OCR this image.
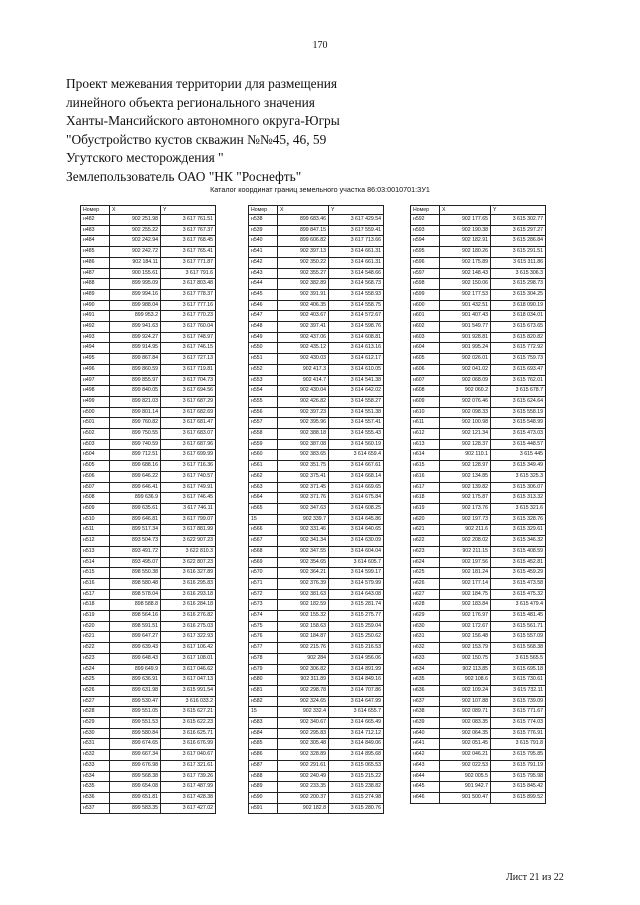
170
Проект межевания территории для размещения
линейного объекта регионального значения
Ханты-Мансийского автономного округа-Югры
"Обустройство кустов скважин №№45, 46, 59
Угутского месторождения "
Землепользователь ОАО "НК "Роснефть"
Каталог координат границ земельного участка 86:03:0010701:ЗУ1
Номер	X	Y
н482	902 251.98	3 617 761.51
н483	902 255.22	3 617 767.37
н484	902 242.94	3 617 768.45
н485	902 242.72	3 617 765.41
н486	902 184.11	3 617 771.87
н487	900 155.61	3 617 791.6
н488	899 995.09	3 617 803.48
н489	899 994.16	3 617 778.37
н490	899 988.04	3 617 777.16
н491	899 953.2	3 617 770.23
н492	899 941.63	3 617 760.04
н493	899 924.27	3 617 748.97
н494	899 914.95	3 617 746.15
н495	899 867.84	3 617 727.13
н496	899 860.59	3 617 719.81
н497	899 855.97	3 617 704.73
н498	899 840.05	3 617 694.56
н499	899 821.03	3 617 687.29
н500	899 801.14	3 617 682.69
н501	899 760.82	3 617 681.47
н502	899 750.55	3 617 683.07
н503	899 740.59	3 617 687.96
н504	899 712.51	3 617 699.99
н505	899 688.16	3 617 716.36
н506	899 646.22	3 617 740.57
н507	899 646.41	3 617 749.91
н508	899 636.9	3 617 746.45
н509	899 635.61	3 617 746.11
н510	899 646.81	3 617 799.07
н511	899 517.34	3 617 881.99
н512	893 504.73	3 622 907.23
н513	893 491.72	3 622 810.3
н514	893 495.07	3 622 807.23
н515	898 550.38	3 616 327.89
н516	898 580.48	3 616 295.83
н517	898 578.04	3 616 293.18
н518	898 588.8	3 616 284.18
н519	898 564.16	3 616 276.82
н520	898 591.51	3 616 275.03
н521	899 647.27	3 617 322.93
н522	899 639.43	3 617 106.42
н523	899 648.43	3 617 108.01
н524	899 649.9	3 617 046.62
н525	899 636.91	3 617 047.13
н526	899 631.98	3 615 991.54
н527	899 530.47	3 616 033.2
н528	899 551.05	3 615 627.21
н529	899 551.53	3 615 622.23
н530	899 580.84	3 616 625.71
н531	899 674.65	3 616 676.99
н532	899 667.34	3 617 040.67
н533	899 676.98	3 617 321.61
н534	899 568.38	3 617 739.26
н535	899 654.08	3 617 487.99
н536	899 651.81	3 617 428.38
н537	899 583.35	3 617 427.02
Номер	X	Y
н538	899 683.46	3 617 429.54
н539	899 847.15	3 617 559.41
н540	899 606.82	3 617 713.66
н541	902 397.13	3 614 661.31
н542	902 350.22	3 614 661.31
н543	902 355.27	3 614 548.66
н544	902 382.89	3 614 568.73
н545	902 391.91	3 614 558.93
н546	902 406.35	3 614 558.75
н547	902 403.67	3 614 572.67
н548	902 397.41	3 614 598.76
н549	902 437.06	3 614 608.81
н550	902 435.12	3 614 613.16
н551	902 430.03	3 614 612.17
н552	902 417.3	3 614 610.05
н553	902 414.7	3 614 541.38
н554	902 430.04	3 614 642.02
н555	902 426.82	3 614 558.27
н556	902 397.23	3 614 551.38
н557	902 395.96	3 614 557.41
н558	902 388.18	3 614 555.43
н559	902 387.08	3 614 560.19
н560	902 383.65	3 614 659.4
н561	902 351.75	3 614 667.61
н562	902 375.41	3 614 668.14
н563	902 371.45	3 614 669.65
н564	902 371.76	3 614 675.84
н565	902 347.63	3 614 608.25
15	902 339.7	3 614 645.86
н566	902 331.46	3 614 640.65
н567	902 341.34	3 614 630.09
н568	902 347.55	3 614 604.04
н569	902 354.65	3 614 605.7
н570	902 364.21	3 614 599.17
н571	902 376.39	3 614 579.99
н572	902 381.63	3 614 643.08
н573	902 182.59	3 615 281.74
н574	902 155.32	3 615 275.77
н575	902 158.63	3 615 259.04
н576	902 184.87	3 615 250.62
н577	902 215.76	3 615 216.53
н578	902 284	3 614 956.06
н579	902 306.82	3 614 891.99
н580	902 311.89	3 614 849.16
н581	902 298.78	3 614 707.86
н582	902 324.65	3 614 647.99
15	902 332.4	3 614 655.7
н583	902 340.67	3 614 665.49
н584	902 295.83	3 614 712.12
н585	902 305.48	3 614 849.06
н586	902 328.89	3 614 895.68
н587	902 291.61	3 615 065.53
н588	902 240.49	3 615 215.22
н589	902 233.35	3 615 238.82
н590	902 200.37	3 615 274.98
н591	902 182.8	3 615 280.76
Номер	X	Y
н592	902 177.65	3 615 302.77
н593	902 190.38	3 615 297.27
н594	902 182.91	3 615 286.84
н595	902 180.26	3 615 291.51
н596	902 175.89	3 615 311.86
н597	902 148.43	3 615 306.3
н598	902 150.06	3 615 298.73
н599	902 177.53	3 615 304.25
н600	901 432.51	3 618 090.19
н601	901 407.43	3 618 034.01
н602	901 549.77	3 615 673.65
н603	901 928.81	3 615 820.82
н604	901 995.24	3 615 772.92
н605	902 026.01	3 615 759.73
н606	902 041.02	3 615 693.47
н607	902 068.09	3 615 762.01
н608	902 060.2	3 615 678.7
н609	902 076.46	3 615 624.64
н610	902 098.33	3 615 558.19
н611	902 100.98	3 615 548.99
н612	902 121.34	3 615 473.03
н613	902 128.37	3 615 448.57
н614	902 110.1	3 615 445
н615	902 128.97	3 615 349.49
н616	902 134.85	3 615 325.3
н617	902 139.82	3 615 306.07
н618	902 175.87	3 615 313.32
н619	902 173.76	3 615 321.6
н620	902 197.73	3 615 328.76
н621	902 211.6	3 615 329.61
н622	902 208.02	3 615 346.32
н623	902 211.15	3 615 408.59
н624	902 197.56	3 615 452.81
н625	902 181.24	3 615 459.29
н626	902 177.14	3 615 473.58
н627	902 184.75	3 615 475.32
н628	902 183.84	3 615 479.4
н629	902 176.97	3 615 481.45
н630	902 172.67	3 615 561.71
н631	902 156.48	3 615 557.09
н632	902 153.79	3 615 568.38
н633	902 150.75	3 615 565.5
н634	902 113.85	3 615 695.18
н635	902 108.6	3 615 730.61
н636	902 109.24	3 615 732.11
н637	902 107.88	3 615 739.09
н638	902 089.71	3 615 771.67
н639	902 083.35	3 615 774.03
н640	902 064.35	3 615 776.91
н641	902 051.45	3 615 791.8
н642	902 046.21	3 615 795.85
н643	902 022.53	3 615 791.19
н644	902 005.5	3 615 795.98
н645	901 942.7	3 615 845.42
н646	901 500.47	3 615 899.52
Лист 21 из 22
